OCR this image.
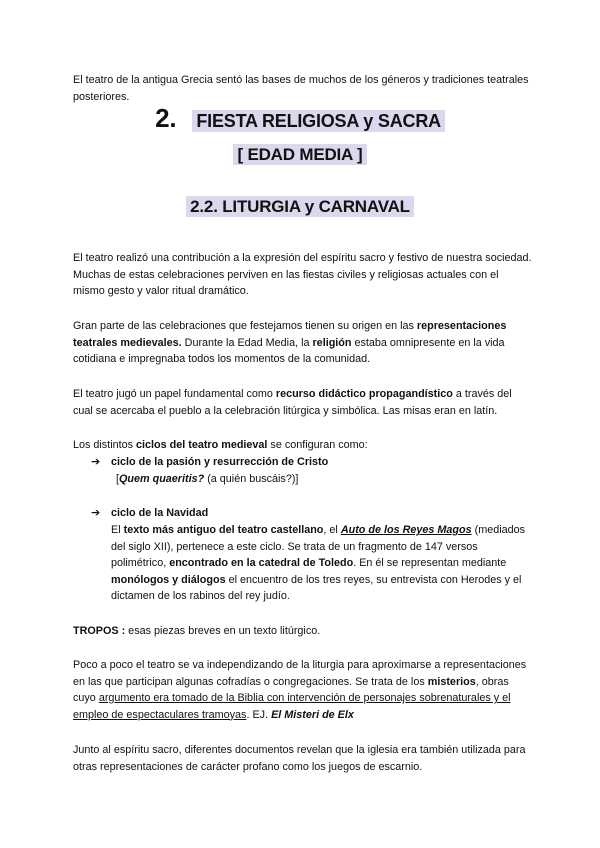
El teatro de la antigua Grecia sentó las bases de muchos de los géneros y tradiciones teatrales posteriores.

2. FIESTA RELIGIOSA y SACRA
[ EDAD MEDIA ]
2.2. LITURGIA y CARNAVAL

El teatro realizó una contribución a la expresión del espíritu sacro y festivo de nuestra sociedad. Muchas de estas celebraciones perviven en las fiestas civiles y religiosas actuales con el mismo gesto y valor ritual dramático.

Gran parte de las celebraciones que festejamos tienen su origen en las representaciones teatrales medievales. Durante la Edad Media, la religión estaba omnipresente en la vida cotidiana e impregnaba todos los momentos de la comunidad.

El teatro jugó un papel fundamental como recurso didáctico propagandístico a través del cual se acercaba el pueblo a la celebración litúrgica y simbólica. Las misas eran en latín.

Los distintos ciclos del teatro medieval se configuran como:

➔ ciclo de la pasión y resurrección de Cristo

[Quem quaeritis? (a quién buscáis?)]

➔ ciclo de la Navidad

El texto más antiguo del teatro castellano, el Auto de los Reyes Magos (mediados del siglo XII), pertenece a este ciclo. Se trata de un fragmento de 147 versos polimétrico, encontrado en la catedral de Toledo. En él se representan mediante monólogos y diálogos el encuentro de los tres reyes, su entrevista con Herodes y el dictamen de los rabinos del rey judío.

TROPOS : esas piezas breves en un texto litúrgico.

Poco a poco el teatro se va independizando de la liturgia para aproximarse a representaciones en las que participan algunas cofradías o congregaciones. Se trata de los misterios, obras cuyo argumento era tomado de la Biblia con intervención de personajes sobrenaturales y el empleo de espectaculares tramoyas. EJ. El Misteri de Elx

Junto al espíritu sacro, diferentes documentos revelan que la iglesia era también utilizada para otras representaciones de carácter profano como los juegos de escarnio.
